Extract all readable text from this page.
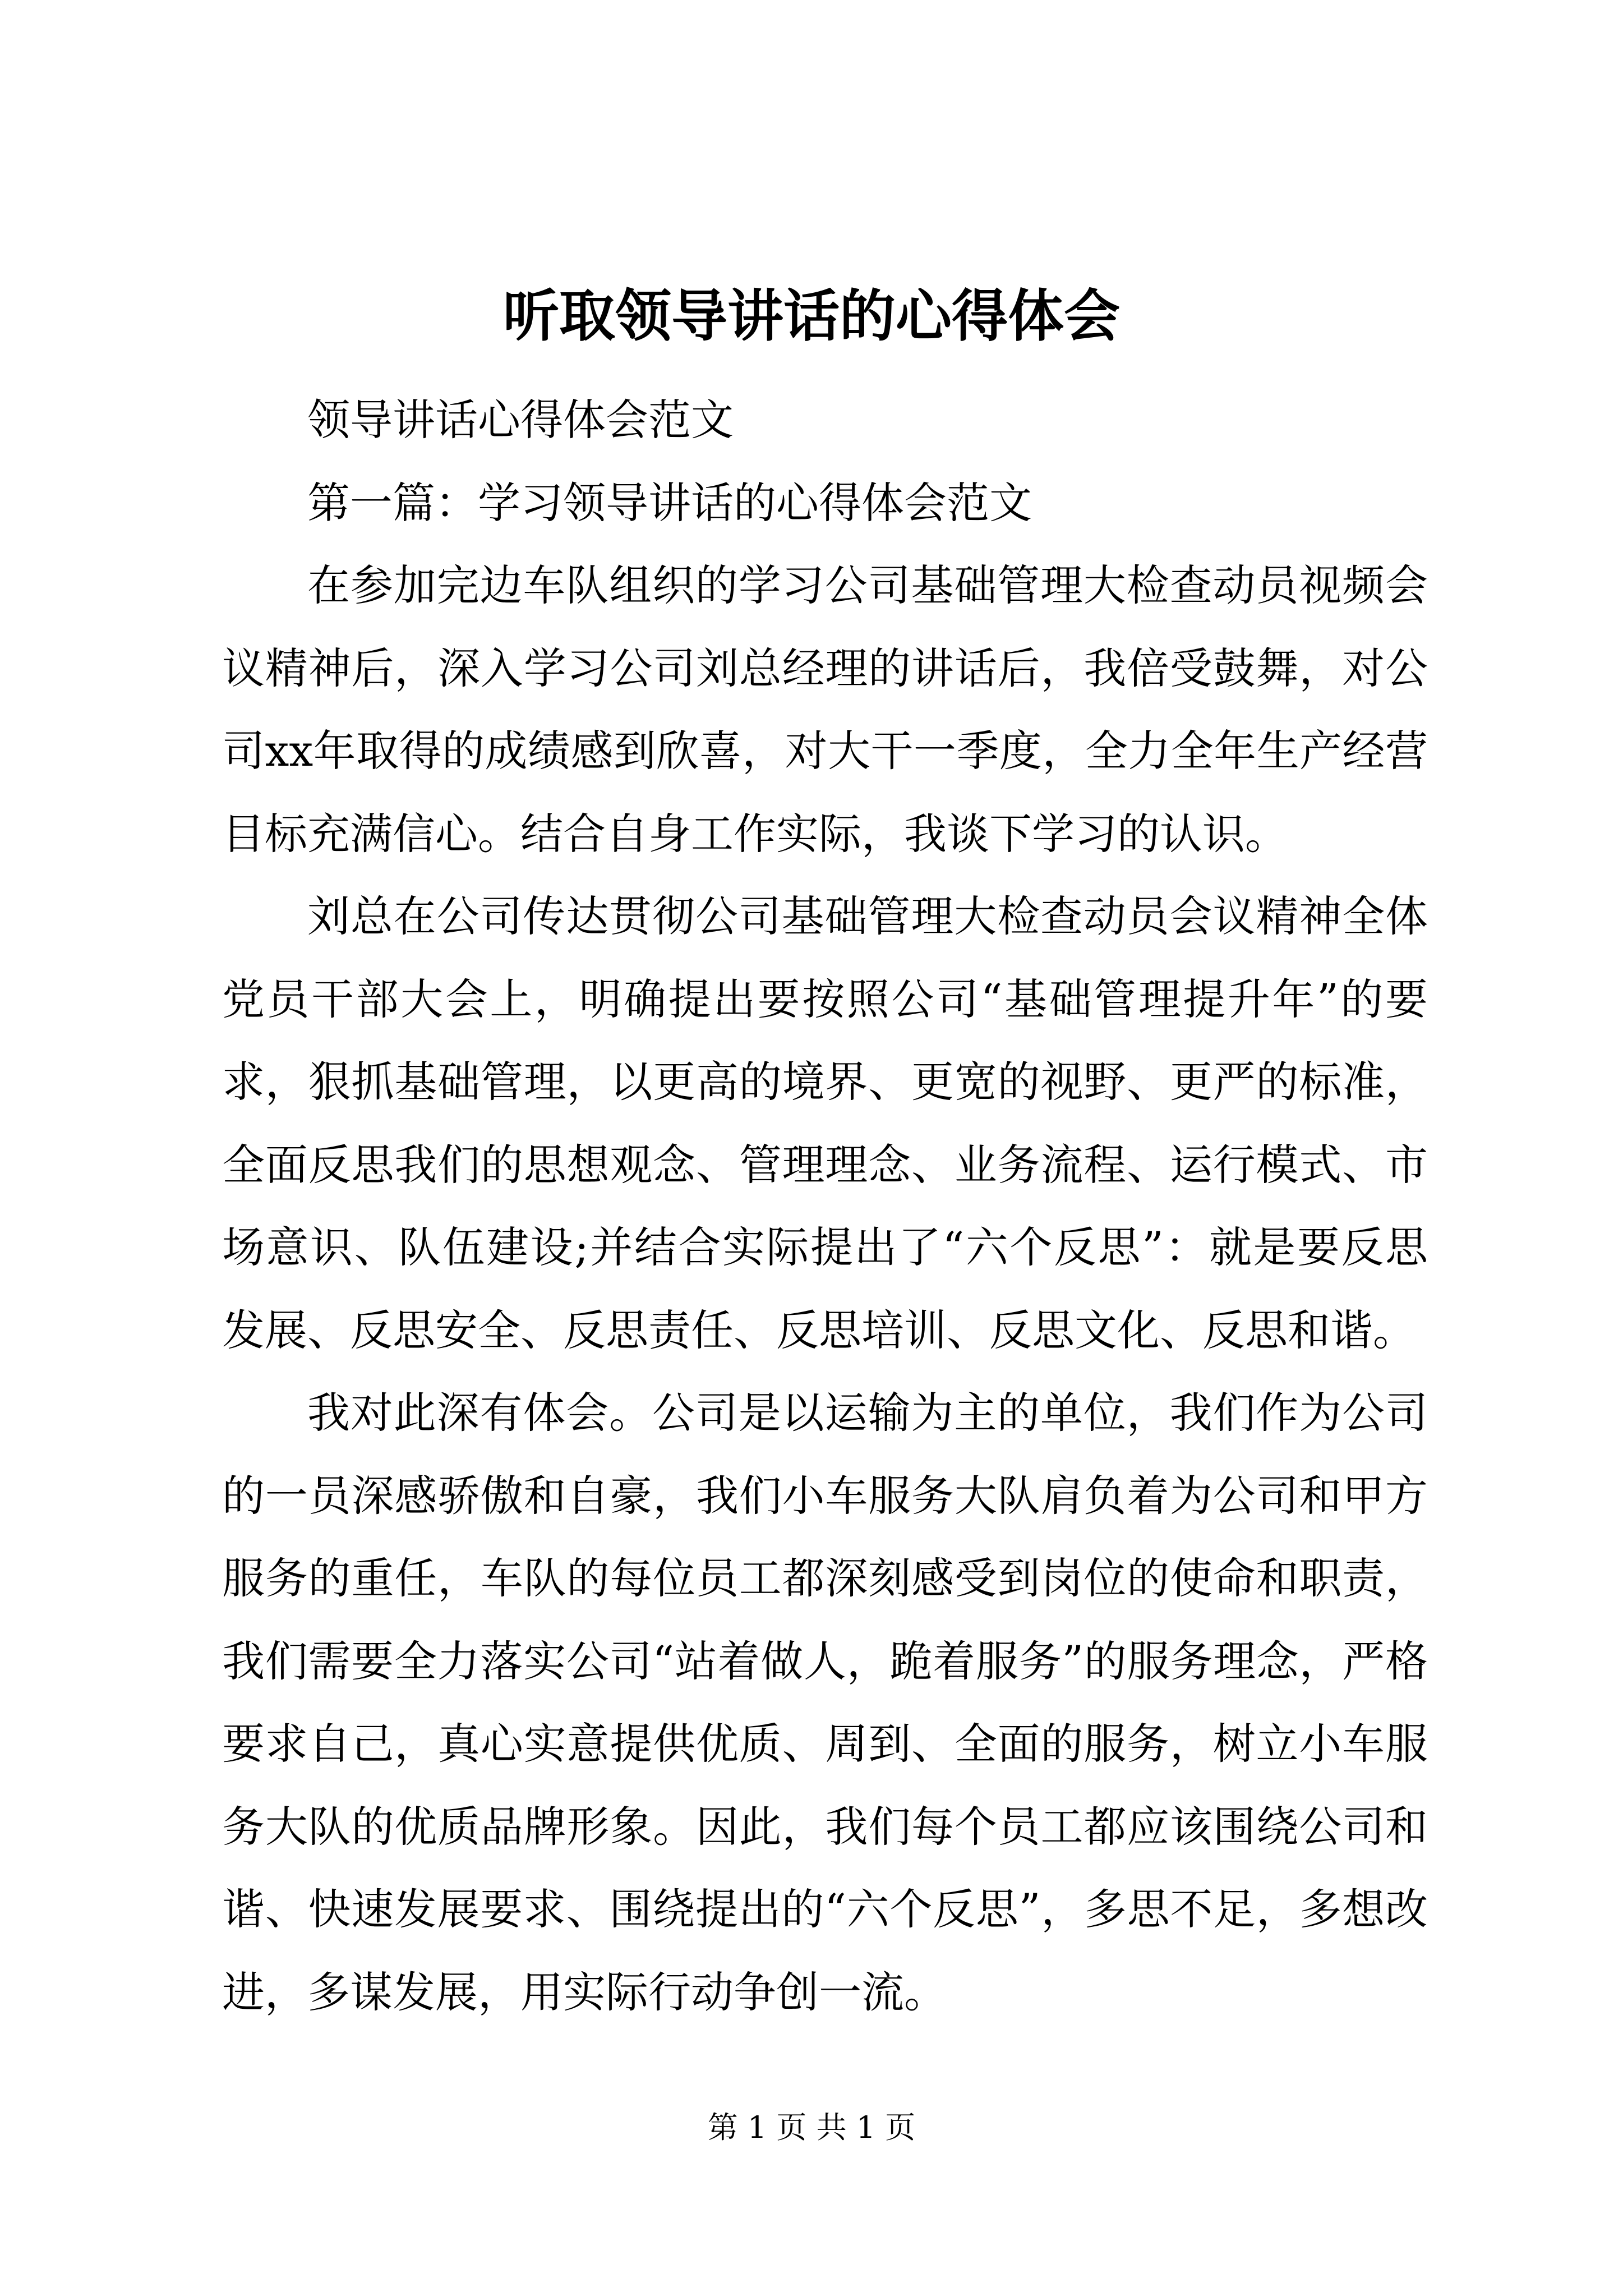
听取领导讲话的心得体会

领导讲话心得体会范文

第一篇：学习领导讲话的心得体会范文

在参加完边车队组织的学习公司基础管理大检查动员视频会议精神后，深入学习公司刘总经理的讲话后，我倍受鼓舞，对公司xx年取得的成绩感到欣喜，对大干一季度，全力全年生产经营目标充满信心。结合自身工作实际，我谈下学习的认识。

刘总在公司传达贯彻公司基础管理大检查动员会议精神全体党员干部大会上，明确提出要按照公司“基础管理提升年”的要求，狠抓基础管理，以更高的境界、更宽的视野、更严的标准，全面反思我们的思想观念、管理理念、业务流程、运行模式、市场意识、队伍建设;并结合实际提出了“六个反思”：就是要反思发展、反思安全、反思责任、反思培训、反思文化、反思和谐。

我对此深有体会。公司是以运输为主的单位，我们作为公司的一员深感骄傲和自豪，我们小车服务大队肩负着为公司和甲方服务的重任，车队的每位员工都深刻感受到岗位的使命和职责，我们需要全力落实公司“站着做人，跪着服务”的服务理念，严格要求自己，真心实意提供优质、周到、全面的服务，树立小车服务大队的优质品牌形象。因此，我们每个员工都应该围绕公司和谐、快速发展要求、围绕提出的“六个反思”，多思不足，多想改进，多谋发展，用实际行动争创一流。

第 1 页 共 1 页
